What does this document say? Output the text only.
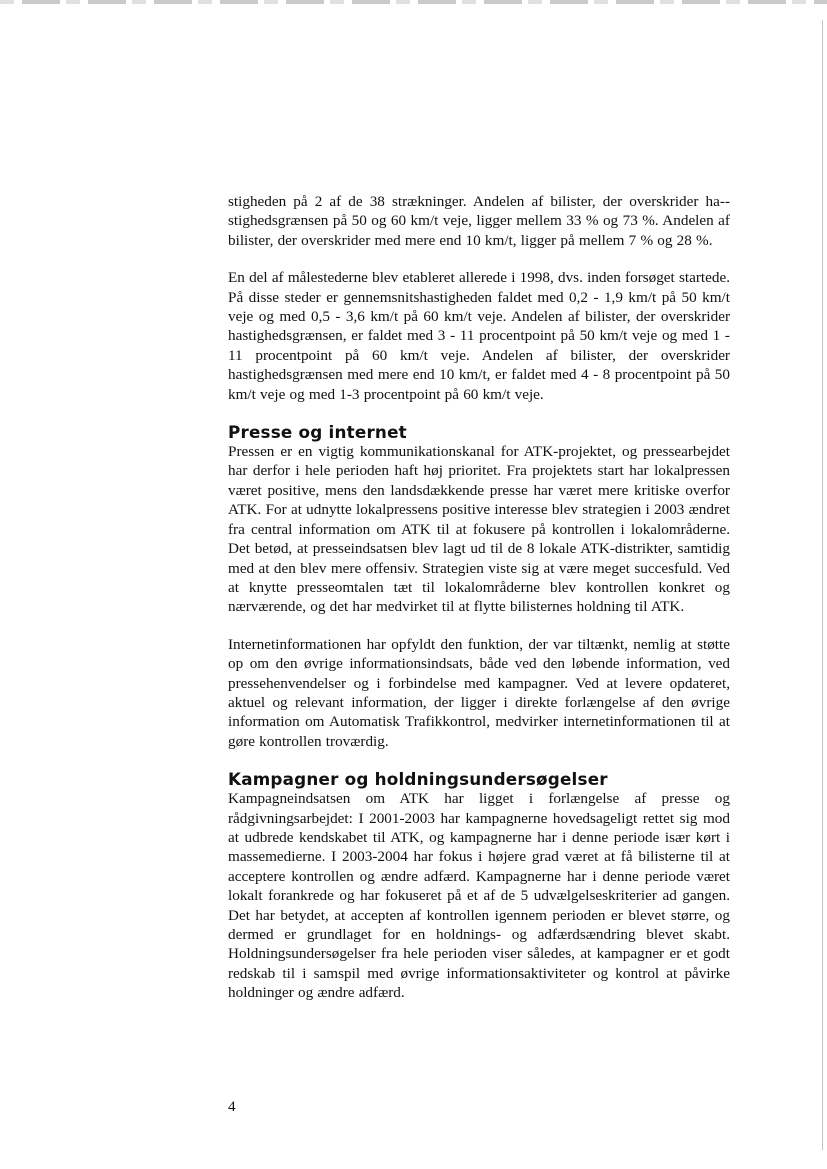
stigheden på 2 af de 38 strækninger. Andelen af bilister, der overskrider ha-stighedsgrænsen på 50 og 60 km/t veje, ligger mellem 33 % og 73 %. Andelen af bilister, der overskrider med mere end 10 km/t, ligger på mellem 7 % og 28 %.

En del af målestederne blev etableret allerede i 1998, dvs. inden forsøget startede. På disse steder er gennemsnitshastigheden faldet med 0,2 - 1,9 km/t på 50 km/t veje og med 0,5 - 3,6 km/t på 60 km/t veje. Andelen af bilister, der overskrider hastighedsgrænsen, er faldet med 3 - 11 procentpoint på 50 km/t veje og med 1 - 11 procentpoint på 60 km/t veje. Andelen af bilister, der overskrider hastighedsgrænsen med mere end 10 km/t, er faldet med 4 - 8 procentpoint på 50 km/t veje og med 1-3 procentpoint på 60 km/t veje.

Presse og internet

Pressen er en vigtig kommunikationskanal for ATK-projektet, og pressearbejdet har derfor i hele perioden haft høj prioritet. Fra projektets start har lokalpressen været positive, mens den landsdækkende presse har været mere kritiske overfor ATK. For at udnytte lokalpressens positive interesse blev strategien i 2003 ændret fra central information om ATK til at fokusere på kontrollen i lokalområderne. Det betød, at presseindsatsen blev lagt ud til de 8 lokale ATK-distrikter, samtidig med at den blev mere offensiv. Strategien viste sig at være meget succesfuld. Ved at knytte presseomtalen tæt til lokalområderne blev kontrollen konkret og nærværende, og det har medvirket til at flytte bilisternes holdning til ATK.

Internetinformationen har opfyldt den funktion, der var tiltænkt, nemlig at støtte op om den øvrige informationsindsats, både ved den løbende information, ved pressehenvendelser og i forbindelse med kampagner. Ved at levere opdateret, aktuel og relevant information, der ligger i direkte forlængelse af den øvrige information om Automatisk Trafikkontrol, medvirker internetinformationen til at gøre kontrollen troværdig.

Kampagner og holdningsundersøgelser

Kampagneindsatsen om ATK har ligget i forlængelse af presse og rådgivningsarbejdet: I 2001-2003 har kampagnerne hovedsageligt rettet sig mod at udbrede kendskabet til ATK, og kampagnerne har i denne periode især kørt i massemedierne. I 2003-2004 har fokus i højere grad været at få bilisterne til at acceptere kontrollen og ændre adfærd. Kampagnerne har i denne periode været lokalt forankrede og har fokuseret på et af de 5 udvælgelseskriterier ad gangen. Det har betydet, at accepten af kontrollen igennem perioden er blevet større, og dermed er grundlaget for en holdnings- og adfærdsændring blevet skabt. Holdningsundersøgelser fra hele perioden viser således, at kampagner er et godt redskab til i samspil med øvrige informationsaktiviteter og kontrol at påvirke holdninger og ændre adfærd.

4
